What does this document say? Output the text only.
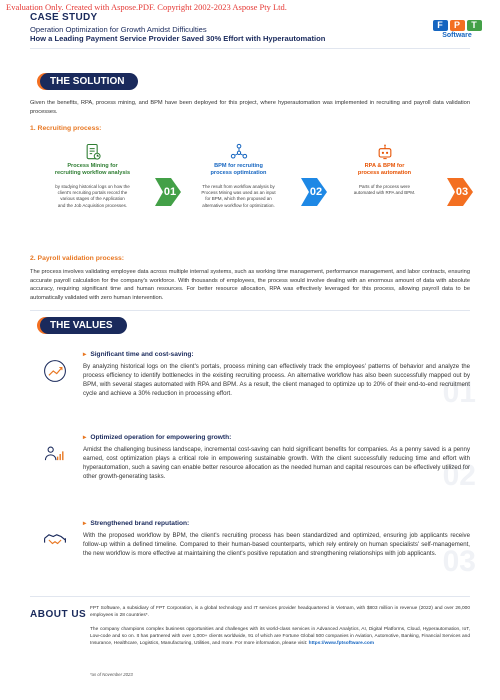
Evaluation Only. Created with Aspose.PDF. Copyright 2002-2023 Aspose Pty Ltd.
CASE STUDY
Operation Optimization for Growth Amidst Difficulties
How a Leading Payment Service Provider Saved 30% Effort with Hyperautomation
F	P	T
Software
THE SOLUTION
Given the benefits, RPA, process mining, and BPM have been deployed for this project, where hyperautomation was implemented in recruiting and payroll data validation processes.
1. Recruiting process:
Process Mining for
recruiting workflow analysis
by studying historical logs on how the
client's recruiting portals record the
various stages of the Application
and the Job Acquisition processes.
01
BPM for recruiting
process optimization
The result from workflow analysis by
Process Mining was used as an input
for BPM, which then proposed an
alternative workflow for optimization.
02
RPA & BPM for
process automation
Parts of the process were
automated with RPA and BPM.	03
2. Payroll validation process:
The process involves validating employee data across multiple internal systems, such as working time management, performance management, and labor contracts, ensuring accurate payroll calculation for the company's workforce. With thousands of employees, the process would involve dealing with an enormous amount of data with absolute accuracy, requiring significant time and human resources. For better resource allocation, RPA was effectively leveraged for this process, allowing payroll data to be automatically validated with zero human intervention.
THE VALUES
01
▸ Significant time and cost-saving:
By analyzing historical logs on the client's portals, process mining can effectively track the employees' patterns of behavior and analyze the process efficiency to identify bottlenecks in the existing recruiting process. An alternative workflow has also been successfully mapped out by BPM, with several stages automated with RPA and BPM. As a result, the client managed to optimize up to 20% of their end-to-end recruitment cycle and achieve a 30% reduction in processing effort.
02
▸ Optimized operation for empowering growth:
Amidst the challenging business landscape, incremental cost-saving can hold significant benefits for companies. As a penny saved is a penny earned, cost optimization plays a critical role in empowering sustainable growth. With the client successfully reducing time and effort with hyperautomation, such a saving can enable better resource allocation as the needed human and capital resources can be effectively utilized for other growth-generating tasks.
03
▸ Strengthened brand reputation:
With the proposed workflow by BPM, the client's recruiting process has been standardized and optimized, ensuring job applicants receive follow-up within a defined timeline. Compared to their human-based counterparts, which rely entirely on human specialists' self-management, the new workflow is more effective at maintaining the client's positive reputation and strengthening relationships with job applicants.
ABOUT US
FPT Software, a subsidiary of FPT Corporation, is a global technology and IT services provider headquartered in Vietnam, with $803 million in revenue (2022) and over 26,000 employees in 28 countries*.
The company champions complex business opportunities and challenges with its world-class services in Advanced Analytics, AI, Digital Platforms, Cloud, Hyperautomation, IoT, Low-code and so on. It has partnered with over 1,000+ clients worldwide, 91 of which are Fortune Global 500 companies in Aviation, Automotive, Banking, Financial Services and Insurance, Healthcare, Logistics, Manufacturing, Utilities, and more. For more information, please visit: https://www.fptsoftware.com
*as of November 2023
